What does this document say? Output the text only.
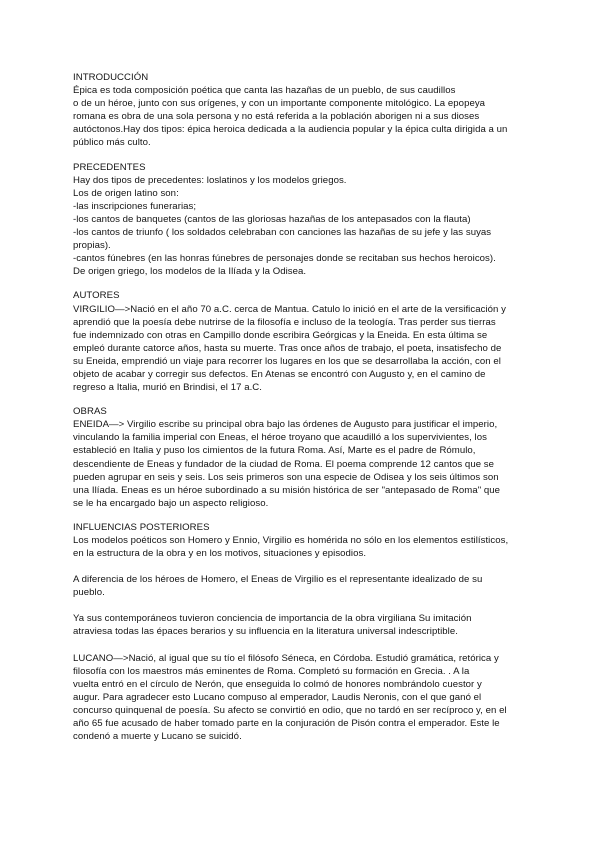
INTRODUCCIÓN
Épica es toda composición poética que canta las hazañas de un pueblo, de sus caudillos
o de un héroe, junto con sus orígenes, y con un importante componente mitológico. La epopeya
romana es obra de una sola persona y no está referida a la población aborigen ni a sus dioses
autóctonos.Hay dos tipos: épica heroica dedicada a la audiencia popular y la épica culta dirigida a un
público más culto.
PRECEDENTES
Hay dos tipos de precedentes: loslatinos y los modelos griegos.
Los de origen latino son:
-las inscripciones funerarias;
-los cantos de banquetes (cantos de las gloriosas hazañas de los antepasados con la flauta)
-los cantos de triunfo ( los soldados celebraban con canciones las hazañas de su jefe y las suyas
propias).
-cantos fúnebres (en las honras fúnebres de personajes donde se recitaban sus hechos heroicos).
De origen griego, los modelos de la Ilíada y la Odisea.
AUTORES
VIRGILIO—>Nació en el año 70 a.C. cerca de Mantua. Catulo lo inició en el arte de la versificación y
aprendió que la poesía debe nutrirse de la filosofía e incluso de la teología. Tras perder sus tierras
fue indemnizado con otras en Campillo donde escribira Geórgicas y la Eneida. En esta última se
empleó durante catorce años, hasta su muerte. Tras once años de trabajo, el poeta, insatisfecho de
su Eneida, emprendió un viaje para recorrer los lugares en los que se desarrollaba la acción, con el
objeto de acabar y corregir sus defectos. En Atenas se encontró con Augusto y, en el camino de
regreso a Italia, murió en Brindisi, el 17 a.C.
OBRAS
ENEIDA—> Virgilio escribe su principal obra bajo las órdenes de Augusto para justificar el imperio,
vinculando la familia imperial con Eneas, el héroe troyano que acaudilló a los supervivientes, los
estableció en Italia y puso los cimientos de la futura Roma. Así, Marte es el padre de Rómulo,
descendiente de Eneas y fundador de la ciudad de Roma. El poema comprende 12 cantos que se
pueden agrupar en seis y seis. Los seis primeros son una especie de Odisea y los seis últimos son
una Ilíada. Eneas es un héroe subordinado a su misión histórica de ser "antepasado de Roma" que
se le ha encargado bajo un aspecto religioso.
INFLUENCIAS POSTERIORES
Los modelos poéticos son Homero y Ennio, Virgilio es homérida no sólo en los elementos estilísticos,
en la estructura de la obra y en los motivos, situaciones y episodios.
A diferencia de los héroes de Homero, el Eneas de Virgilio es el representante idealizado de su
pueblo.
Ya sus contemporáneos tuvieron conciencia de importancia de la obra virgiliana Su imitación
atraviesa todas las épaces berarios y su influencia en la literatura universal indescriptible.
LUCANO—>Nació, al igual que su tío el filósofo Séneca, en Córdoba. Estudió gramática, retórica y
filosofía con los maestros más eminentes de Roma. Completó su formación en Grecia. . A la
vuelta entró en el círculo de Nerón, que enseguida lo colmó de honores nombrándolo cuestor y
augur. Para agradecer esto Lucano compuso al emperador, Laudis Neronis, con el que ganó el
concurso quinquenal de poesía. Su afecto se convirtió en odio, que no tardó en ser recíproco y, en el
año 65 fue acusado de haber tomado parte en la conjuración de Pisón contra el emperador. Este le
condenó a muerte y Lucano se suicidó.
